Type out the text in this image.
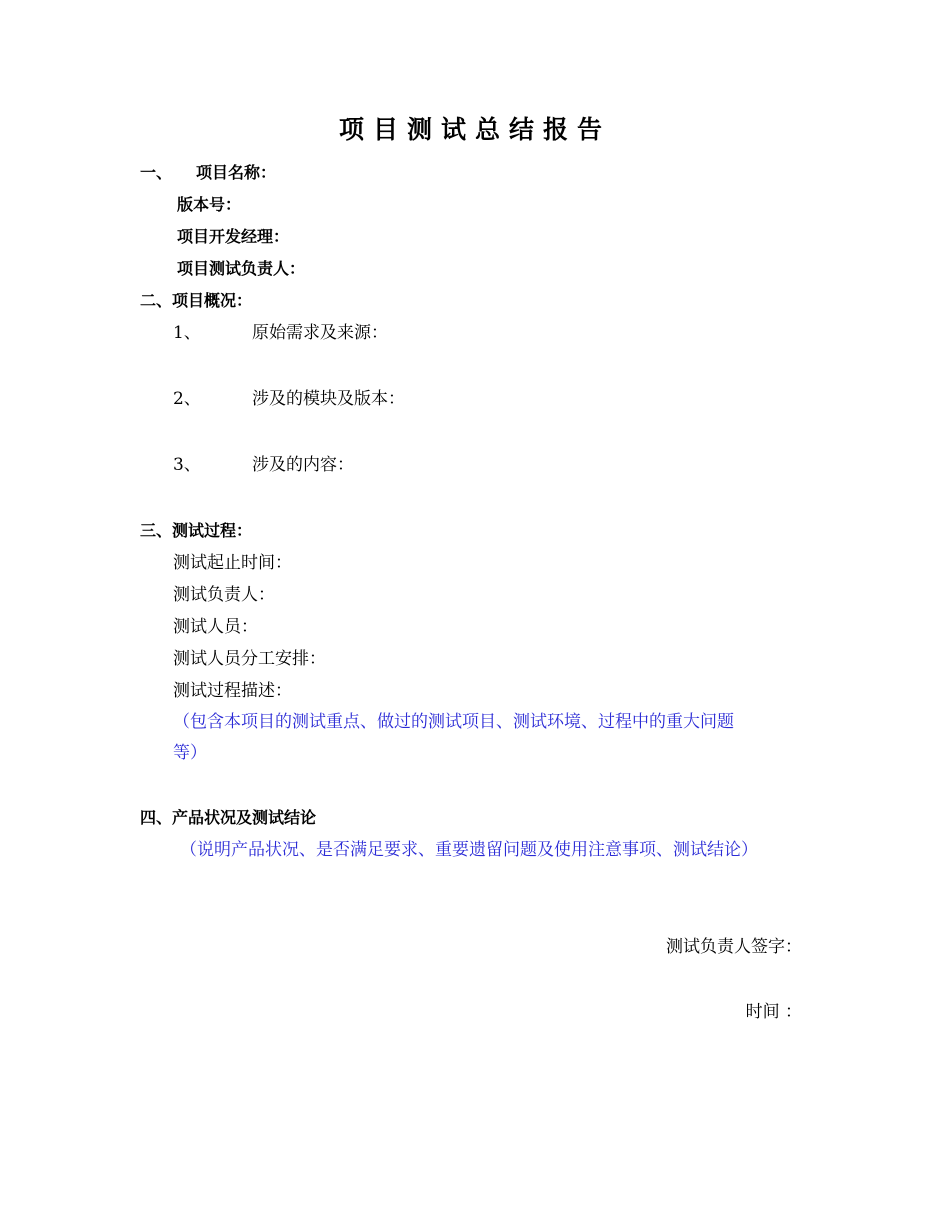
项目测试总结报告
一、 项目名称：
版本号：
项目开发经理：
项目测试负责人：
二、项目概况：
1、	原始需求及来源：
2、	涉及的模块及版本：
3、	涉及的内容：
三、测试过程：
测试起止时间：
测试负责人：
测试人员：
测试人员分工安排：
测试过程描述：
（包含本项目的测试重点、做过的测试项目、测试环境、过程中的重大问题
等）
四、产品状况及测试结论
（说明产品状况、是否满足要求、重要遗留问题及使用注意事项、测试结论）
测试负责人签字：
时间 ：
